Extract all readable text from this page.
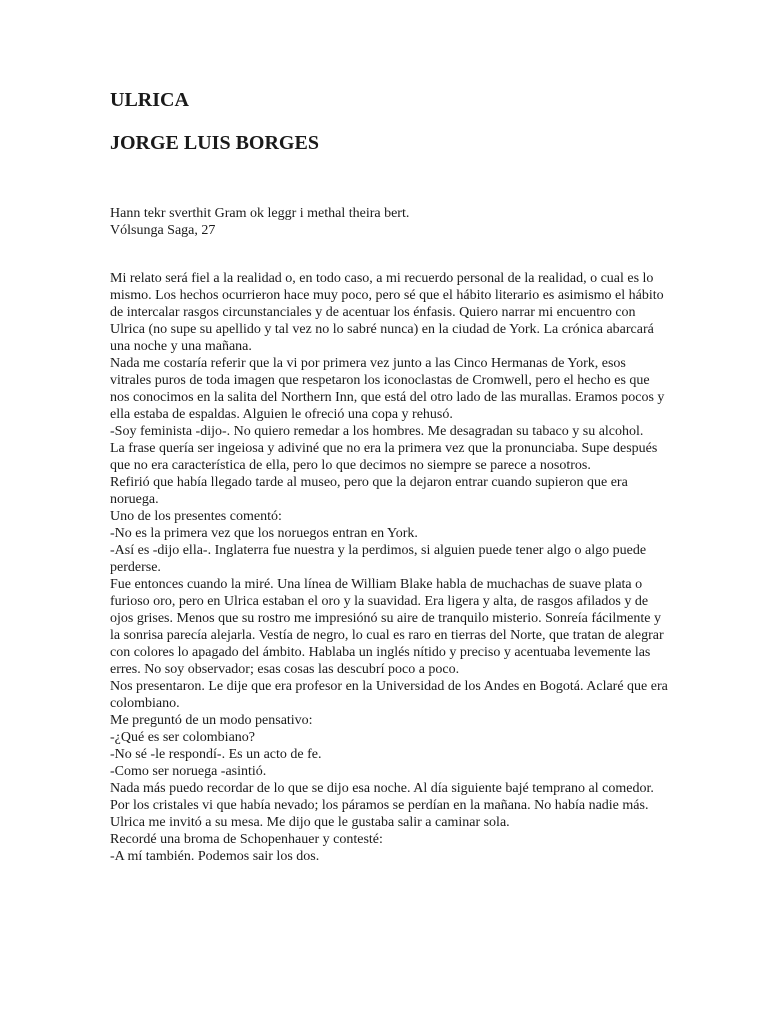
ULRICA
JORGE LUIS BORGES
Hann tekr sverthit Gram ok leggr i methal theira bert.
Vólsunga Saga, 27

Mi relato será fiel a la realidad o, en todo caso, a mi recuerdo personal de la realidad, o cual es lo mismo. Los hechos ocurrieron hace muy poco, pero sé que el hábito literario es asimismo el hábito de intercalar rasgos circunstanciales y de acentuar los énfasis. Quiero narrar mi encuentro con Ulrica (no supe su apellido y tal vez no lo sabré nunca) en la ciudad de York. La crónica abarcará una noche y una mañana.

Nada me costaría referir que la vi por primera vez junto a las Cinco Hermanas de York, esos vitrales puros de toda imagen que respetaron los iconoclastas de Cromwell, pero el hecho es que nos conocimos en la salita del Northern Inn, que está del otro lado de las murallas. Eramos pocos y ella estaba de espaldas. Alguien le ofreció una copa y rehusó.

-Soy feminista -dijo-. No quiero remedar a los hombres. Me desagradan su tabaco y su alcohol.

La frase quería ser ingeiosa y adiviné que no era la primera vez que la pronunciaba. Supe después que no era característica de ella, pero lo que decimos no siempre se parece a nosotros.

Refirió que había llegado tarde al museo, pero que la dejaron entrar cuando supieron que era noruega.

Uno de los presentes comentó:

-No es la primera vez que los noruegos entran en York.

-Así es -dijo ella-. Inglaterra fue nuestra y la perdimos, si alguien puede tener algo o algo puede perderse.

Fue entonces cuando la miré. Una línea de William Blake habla de muchachas de suave plata o furioso oro, pero en Ulrica estaban el oro y la suavidad. Era ligera y alta, de rasgos afilados y de ojos grises. Menos que su rostro me impresiónó su aire de tranquilo misterio. Sonreía fácilmente y la sonrisa parecía alejarla. Vestía de negro, lo cual es raro en tierras del Norte, que tratan de alegrar con colores lo apagado del ámbito. Hablaba un inglés nítido y preciso y acentuaba levemente las erres. No soy observador; esas cosas las descubrí poco a poco.

Nos presentaron. Le dije que era profesor en la Universidad de los Andes en Bogotá. Aclaré que era colombiano.

Me preguntó de un modo pensativo:

-¿Qué es ser colombiano?

-No sé -le respondí-. Es un acto de fe.

-Como ser noruega -asintió.

Nada más puedo recordar de lo que se dijo esa noche. Al día siguiente bajé temprano al comedor. Por los cristales vi que había nevado; los páramos se perdían en la mañana. No había nadie más. Ulrica me invitó a su mesa. Me dijo que le gustaba salir a caminar sola.

Recordé una broma de Schopenhauer y contesté:

-A mí también. Podemos sair los dos.
